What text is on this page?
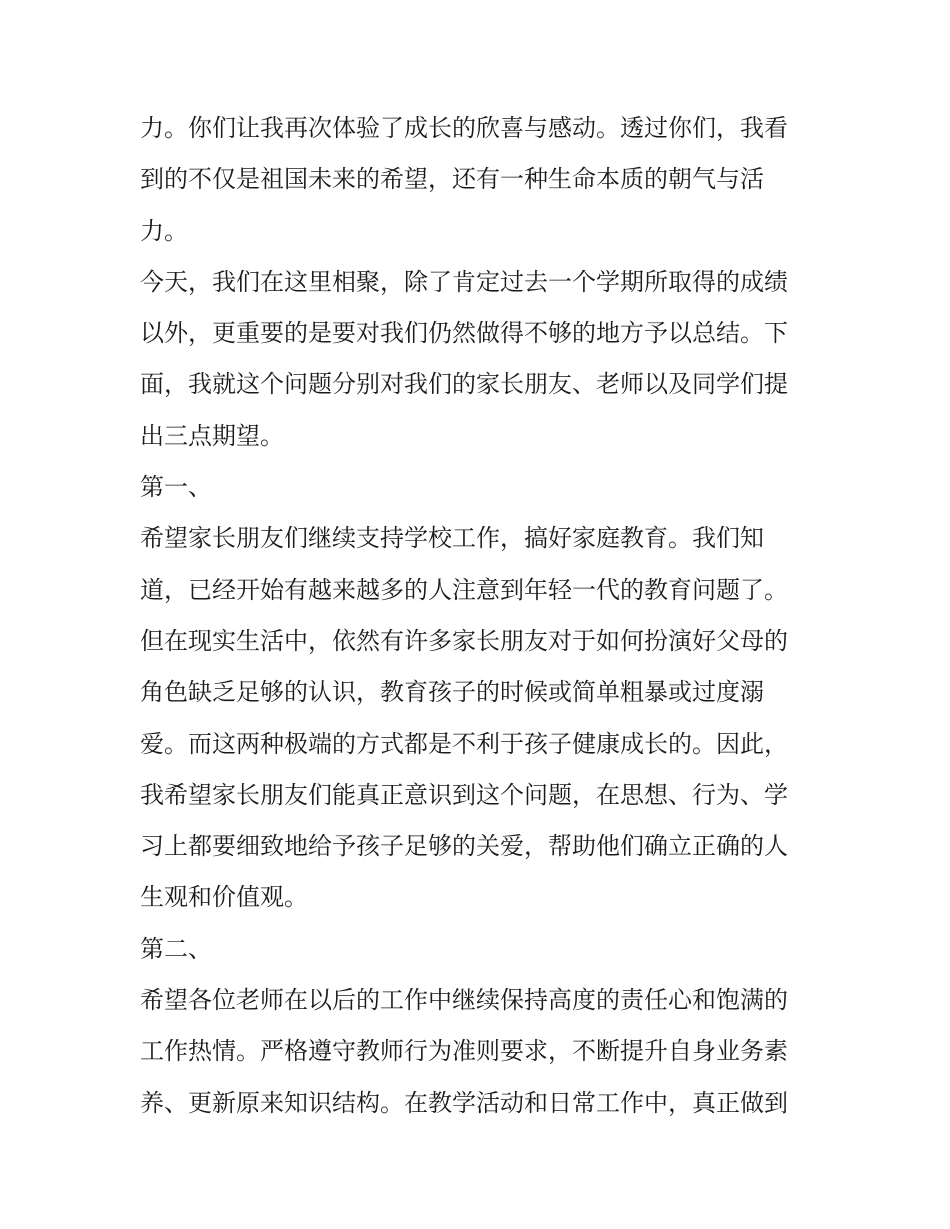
力。你们让我再次体验了成长的欣喜与感动。透过你们，我看
到的不仅是祖国未来的希望，还有一种生命本质的朝气与活
力。
今天，我们在这里相聚，除了肯定过去一个学期所取得的成绩
以外，更重要的是要对我们仍然做得不够的地方予以总结。下
面，我就这个问题分别对我们的家长朋友、老师以及同学们提
出三点期望。
第一、
希望家长朋友们继续支持学校工作，搞好家庭教育。我们知
道，已经开始有越来越多的人注意到年轻一代的教育问题了。
但在现实生活中，依然有许多家长朋友对于如何扮演好父母的
角色缺乏足够的认识，教育孩子的时候或简单粗暴或过度溺
爱。而这两种极端的方式都是不利于孩子健康成长的。因此，
我希望家长朋友们能真正意识到这个问题，在思想、行为、学
习上都要细致地给予孩子足够的关爱，帮助他们确立正确的人
生观和价值观。
第二、
希望各位老师在以后的工作中继续保持高度的责任心和饱满的
工作热情。严格遵守教师行为准则要求，不断提升自身业务素
养、更新原来知识结构。在教学活动和日常工作中，真正做到
